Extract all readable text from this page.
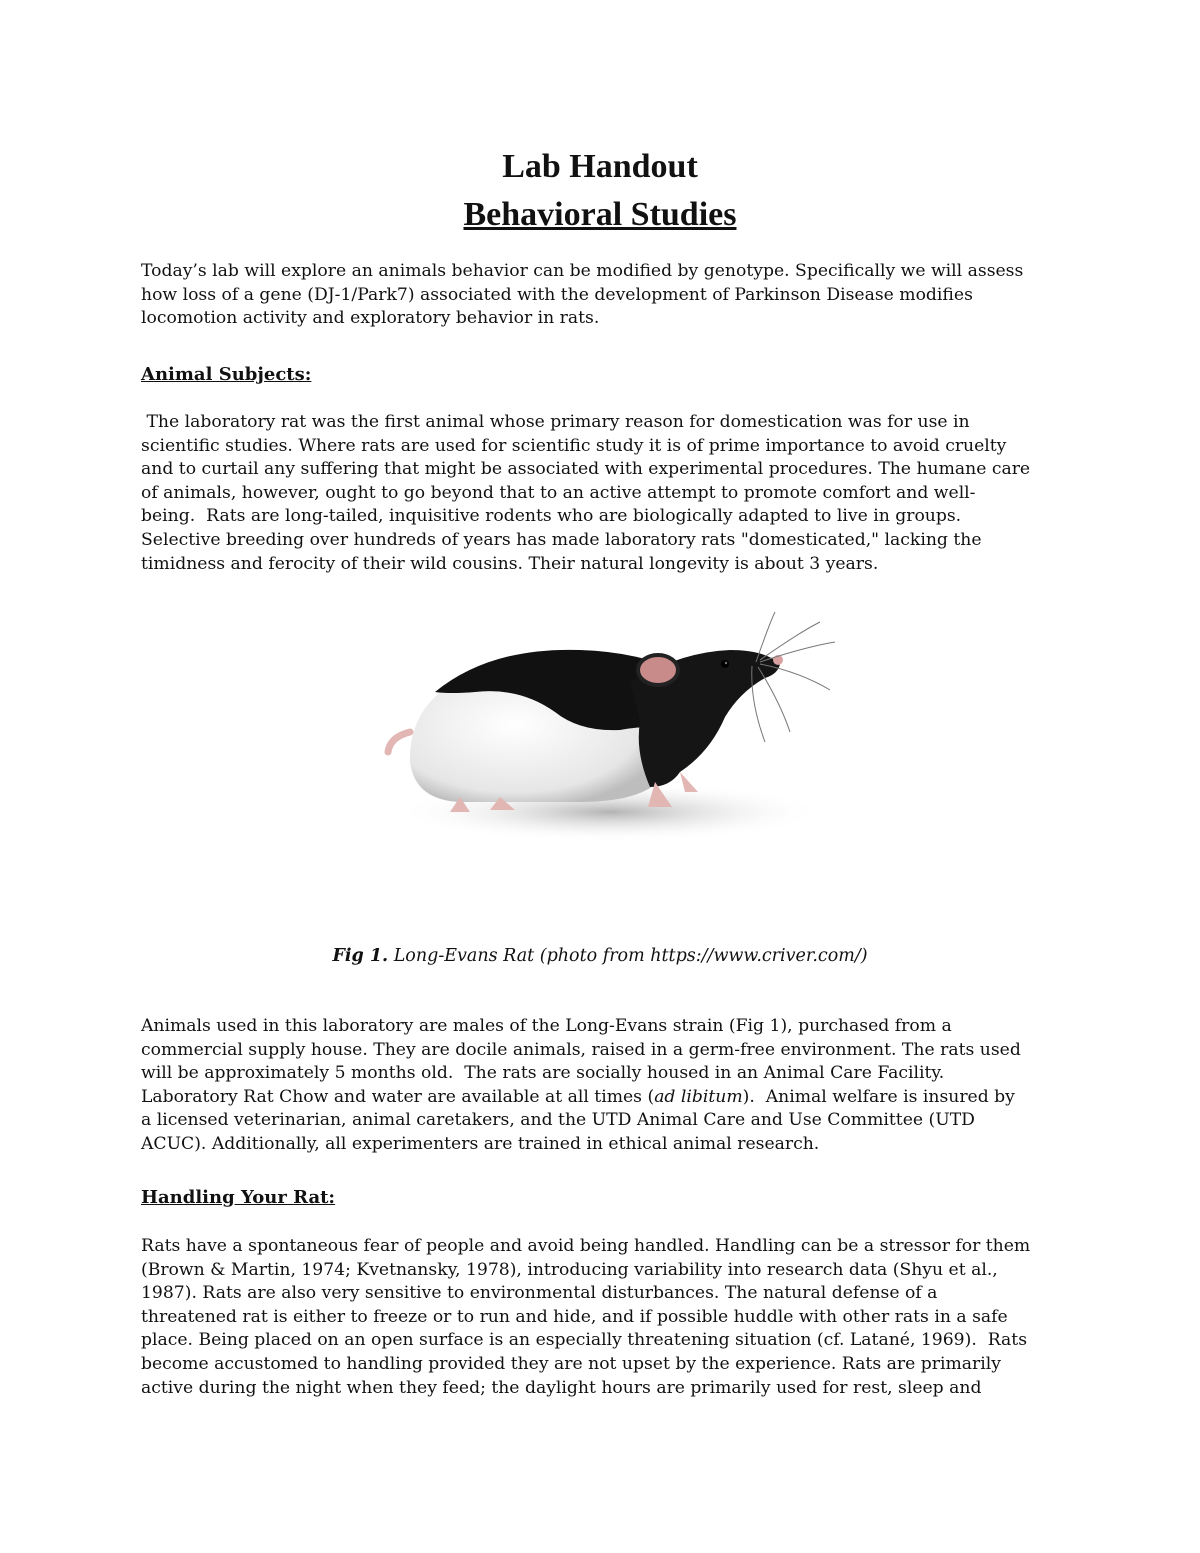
Lab Handout
Behavioral Studies

Today’s lab will explore an animals behavior can be modified by genotype. Specifically we will assess
how loss of a gene (DJ-1/Park7) associated with the development of Parkinson Disease modifies
locomotion activity and exploratory behavior in rats.

Animal Subjects:

The laboratory rat was the first animal whose primary reason for domestication was for use in
scientific studies. Where rats are used for scientific study it is of prime importance to avoid cruelty
and to curtail any suffering that might be associated with experimental procedures. The humane care
of animals, however, ought to go beyond that to an active attempt to promote comfort and well-
being.  Rats are long-tailed, inquisitive rodents who are biologically adapted to live in groups.
Selective breeding over hundreds of years has made laboratory rats "domesticated," lacking the
timidness and ferocity of their wild cousins. Their natural longevity is about 3 years.

Fig 1. Long-Evans Rat (photo from https://www.criver.com/)

Animals used in this laboratory are males of the Long-Evans strain (Fig 1), purchased from a
commercial supply house. They are docile animals, raised in a germ-free environment. The rats used
will be approximately 5 months old.  The rats are socially housed in an Animal Care Facility.
Laboratory Rat Chow and water are available at all times (ad libitum).  Animal welfare is insured by
a licensed veterinarian, animal caretakers, and the UTD Animal Care and Use Committee (UTD
ACUC). Additionally, all experimenters are trained in ethical animal research.

Handling Your Rat:

Rats have a spontaneous fear of people and avoid being handled. Handling can be a stressor for them
(Brown & Martin, 1974; Kvetnansky, 1978), introducing variability into research data (Shyu et al.,
1987). Rats are also very sensitive to environmental disturbances. The natural defense of a
threatened rat is either to freeze or to run and hide, and if possible huddle with other rats in a safe
place. Being placed on an open surface is an especially threatening situation (cf. Latané, 1969).  Rats
become accustomed to handling provided they are not upset by the experience. Rats are primarily
active during the night when they feed; the daylight hours are primarily used for rest, sleep and
